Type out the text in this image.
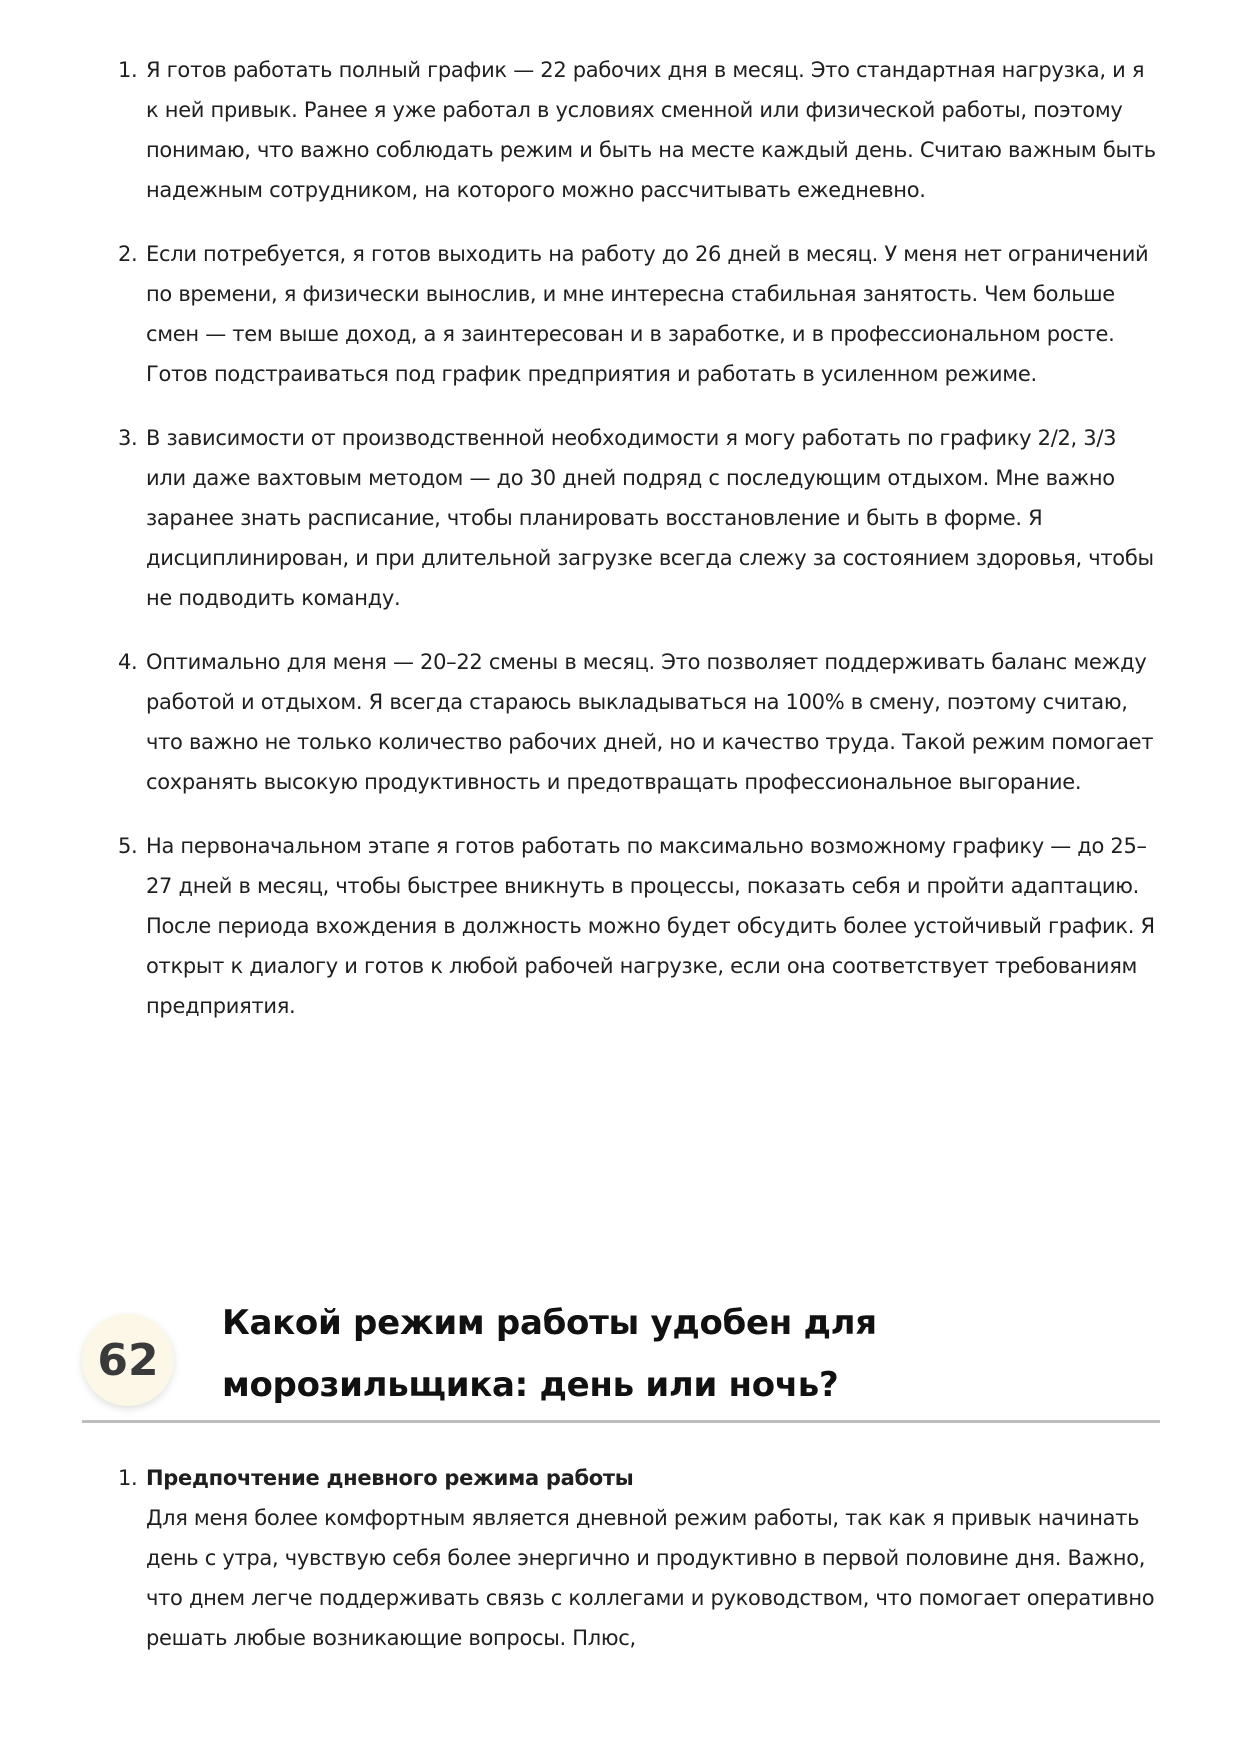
1. Я готов работать полный график — 22 рабочих дня в месяц. Это стандартная нагрузка, и я к ней привык. Ранее я уже работал в условиях сменной или физической работы, поэтому понимаю, что важно соблюдать режим и быть на месте каждый день. Считаю важным быть надежным сотрудником, на которого можно рассчитывать ежедневно.
2. Если потребуется, я готов выходить на работу до 26 дней в месяц. У меня нет ограничений по времени, я физически вынослив, и мне интересна стабильная занятость. Чем больше смен — тем выше доход, а я заинтересован и в заработке, и в профессиональном росте. Готов подстраиваться под график предприятия и работать в усиленном режиме.
3. В зависимости от производственной необходимости я могу работать по графику 2/2, 3/3 или даже вахтовым методом — до 30 дней подряд с последующим отдыхом. Мне важно заранее знать расписание, чтобы планировать восстановление и быть в форме. Я дисциплинирован, и при длительной загрузке всегда слежу за состоянием здоровья, чтобы не подводить команду.
4. Оптимально для меня — 20–22 смены в месяц. Это позволяет поддерживать баланс между работой и отдыхом. Я всегда стараюсь выкладываться на 100% в смену, поэтому считаю, что важно не только количество рабочих дней, но и качество труда. Такой режим помогает сохранять высокую продуктивность и предотвращать профессиональное выгорание.
5. На первоначальном этапе я готов работать по максимально возможному графику — до 25–27 дней в месяц, чтобы быстрее вникнуть в процессы, показать себя и пройти адаптацию. После периода вхождения в должность можно будет обсудить более устойчивый график. Я открыт к диалогу и готов к любой рабочей нагрузке, если она соответствует требованиям предприятия.
62
Какой режим работы удобен для морозильщика: день или ночь?
1. Предпочтение дневного режима работы
Для меня более комфортным является дневной режим работы, так как я привык начинать день с утра, чувствую себя более энергично и продуктивно в первой половине дня. Важно, что днем легче поддерживать связь с коллегами и руководством, что помогает оперативно решать любые возникающие вопросы. Плюс,
